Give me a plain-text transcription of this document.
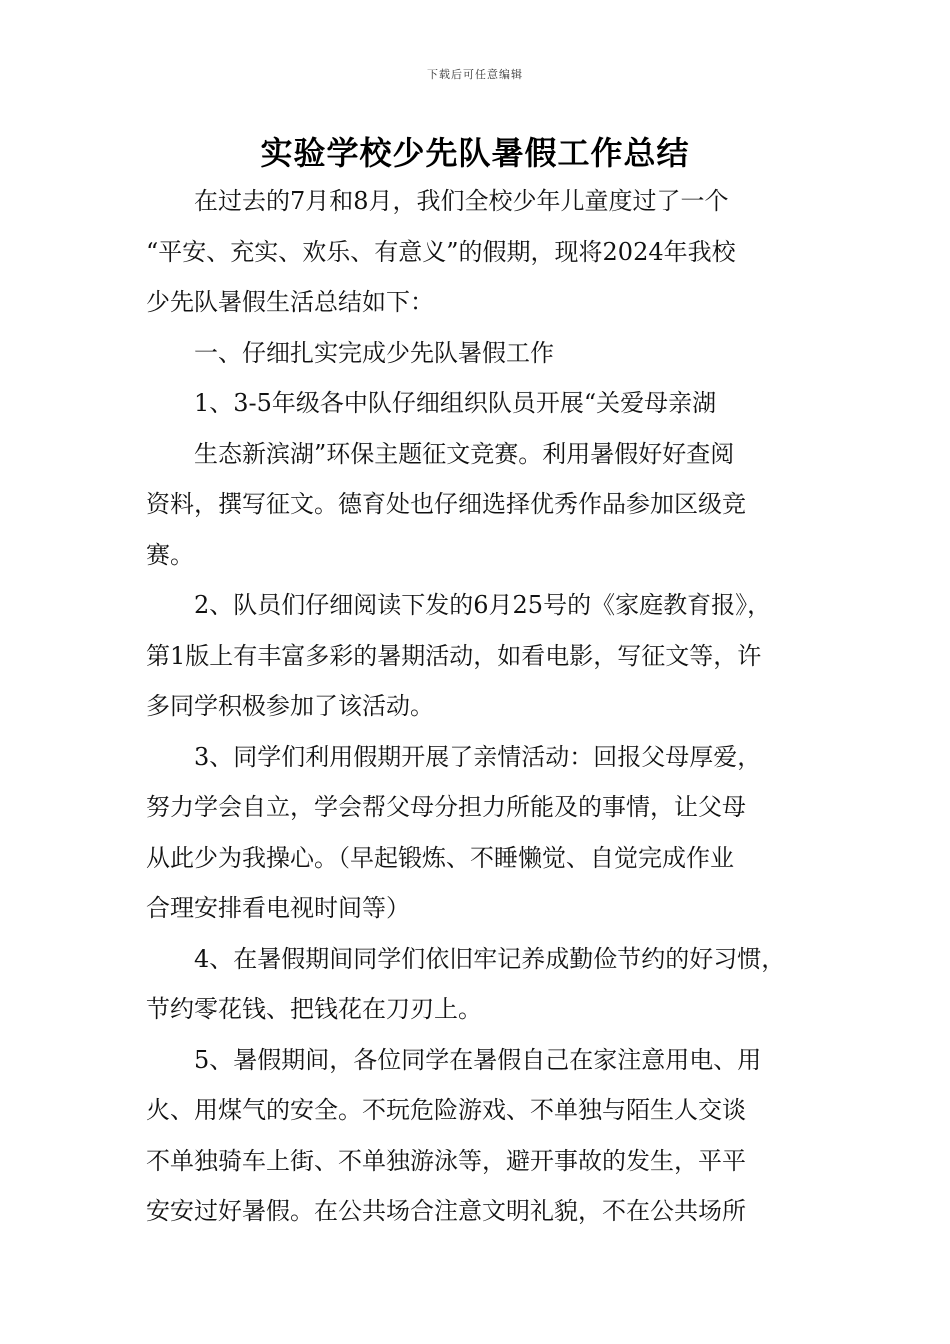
下载后可任意编辑
实验学校少先队暑假工作总结
　　在过去的7月和8月，我们全校少年儿童度过了一个
“平安、充实、欢乐、有意义”的假期，现将2024年我校
少先队暑假生活总结如下：
　　一、仔细扎实完成少先队暑假工作
　　1、3-5年级各中队仔细组织队员开展“关爱母亲湖
　　生态新滨湖”环保主题征文竞赛。利用暑假好好查阅
资料，撰写征文。德育处也仔细选择优秀作品参加区级竞
赛。
　　2、队员们仔细阅读下发的6月25号的《家庭教育报》，
第1版上有丰富多彩的暑期活动，如看电影，写征文等，许
多同学积极参加了该活动。
　　3、同学们利用假期开展了亲情活动：回报父母厚爱，
努力学会自立，学会帮父母分担力所能及的事情，让父母
从此少为我操心。（早起锻炼、不睡懒觉、自觉完成作业
合理安排看电视时间等）
　　4、在暑假期间同学们依旧牢记养成勤俭节约的好习惯，
节约零花钱、把钱花在刀刃上。
　　5、暑假期间，各位同学在暑假自己在家注意用电、用
火、用煤气的安全。不玩危险游戏、不单独与陌生人交谈
不单独骑车上街、不单独游泳等，避开事故的发生，平平
安安过好暑假。在公共场合注意文明礼貌，不在公共场所
